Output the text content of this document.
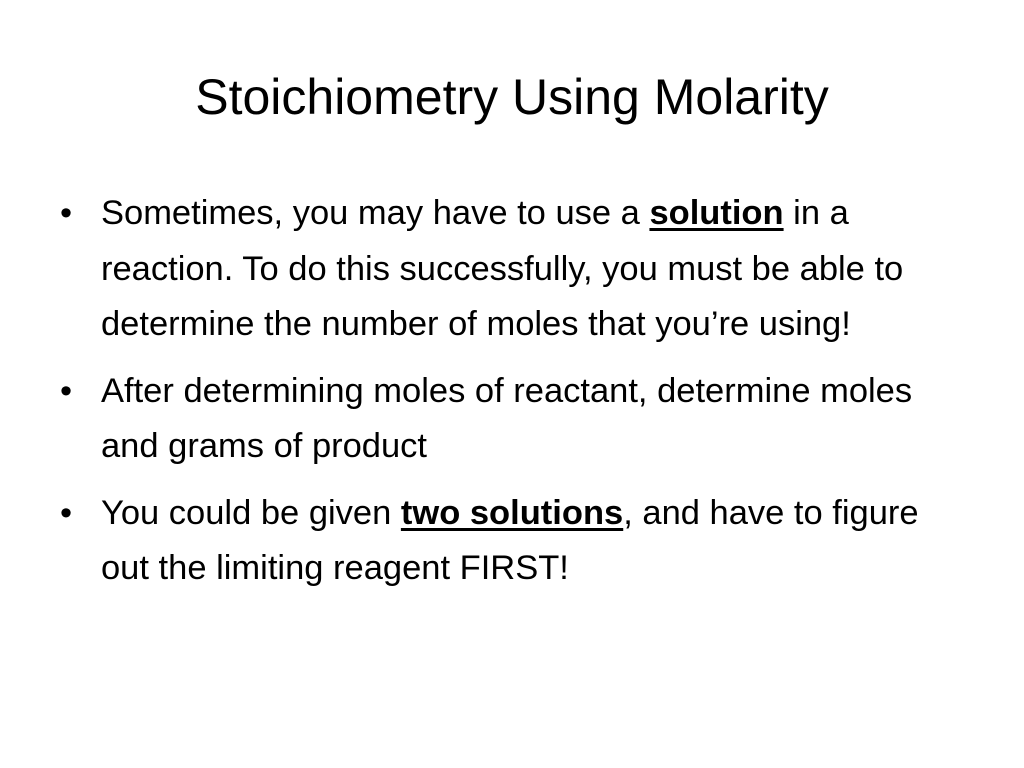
Stoichiometry Using Molarity
• Sometimes, you may have to use a solution in a reaction. To do this successfully, you must be able to determine the number of moles that you’re using!
• After determining moles of reactant, determine moles and grams of product
• You could be given two solutions, and have to figure out the limiting reagent FIRST!
